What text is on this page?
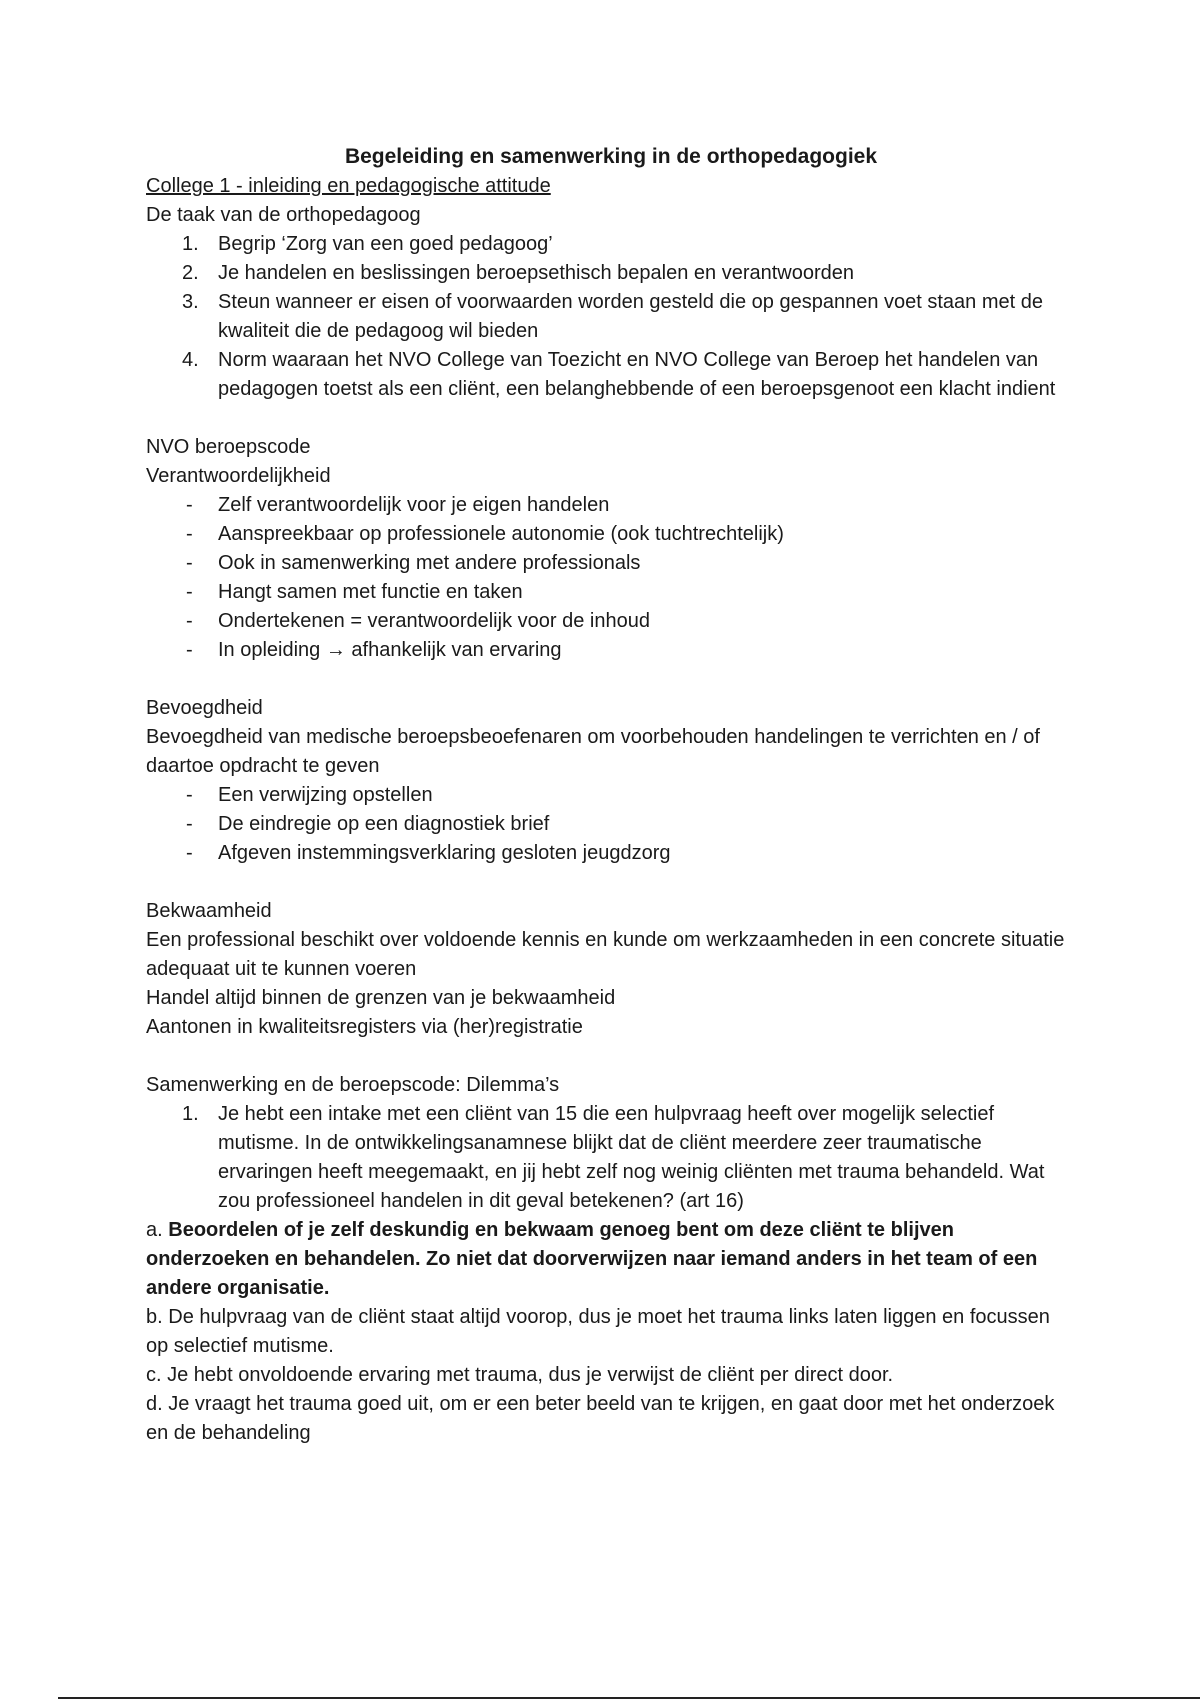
Begeleiding en samenwerking in de orthopedagogiek

College 1 - inleiding en pedagogische attitude

De taak van de orthopedagoog

1. Begrip ‘Zorg van een goed pedagoog’
2. Je handelen en beslissingen beroepsethisch bepalen en verantwoorden
3. Steun wanneer er eisen of voorwaarden worden gesteld die op gespannen voet staan met de kwaliteit die de pedagoog wil bieden
4. Norm waaraan het NVO College van Toezicht en NVO College van Beroep het handelen van pedagogen toetst als een cliënt, een belanghebbende of een beroepsgenoot een klacht indient

NVO beroepscode

Verantwoordelijkheid

- Zelf verantwoordelijk voor je eigen handelen
- Aanspreekbaar op professionele autonomie (ook tuchtrechtelijk)
- Ook in samenwerking met andere professionals
- Hangt samen met functie en taken
- Ondertekenen = verantwoordelijk voor de inhoud
- In opleiding → afhankelijk van ervaring

Bevoegdheid

Bevoegdheid van medische beroepsbeoefenaren om voorbehouden handelingen te verrichten en / of daartoe opdracht te geven

- Een verwijzing opstellen
- De eindregie op een diagnostiek brief
- Afgeven instemmingsverklaring gesloten jeugdzorg

Bekwaamheid

Een professional beschikt over voldoende kennis en kunde om werkzaamheden in een concrete situatie adequaat uit te kunnen voeren

Handel altijd binnen de grenzen van je bekwaamheid

Aantonen in kwaliteitsregisters via (her)registratie

Samenwerking en de beroepscode: Dilemma’s

1. Je hebt een intake met een cliënt van 15 die een hulpvraag heeft over mogelijk selectief mutisme. In de ontwikkelingsanamnese blijkt dat de cliënt meerdere zeer traumatische ervaringen heeft meegemaakt, en jij hebt zelf nog weinig cliënten met trauma behandeld. Wat zou professioneel handelen in dit geval betekenen? (art 16)

a. Beoordelen of je zelf deskundig en bekwaam genoeg bent om deze cliënt te blijven onderzoeken en behandelen. Zo niet dat doorverwijzen naar iemand anders in het team of een andere organisatie.

b. De hulpvraag van de cliënt staat altijd voorop, dus je moet het trauma links laten liggen en focussen op selectief mutisme.

c. Je hebt onvoldoende ervaring met trauma, dus je verwijst de cliënt per direct door.

d. Je vraagt het trauma goed uit, om er een beter beeld van te krijgen, en gaat door met het onderzoek en de behandeling
